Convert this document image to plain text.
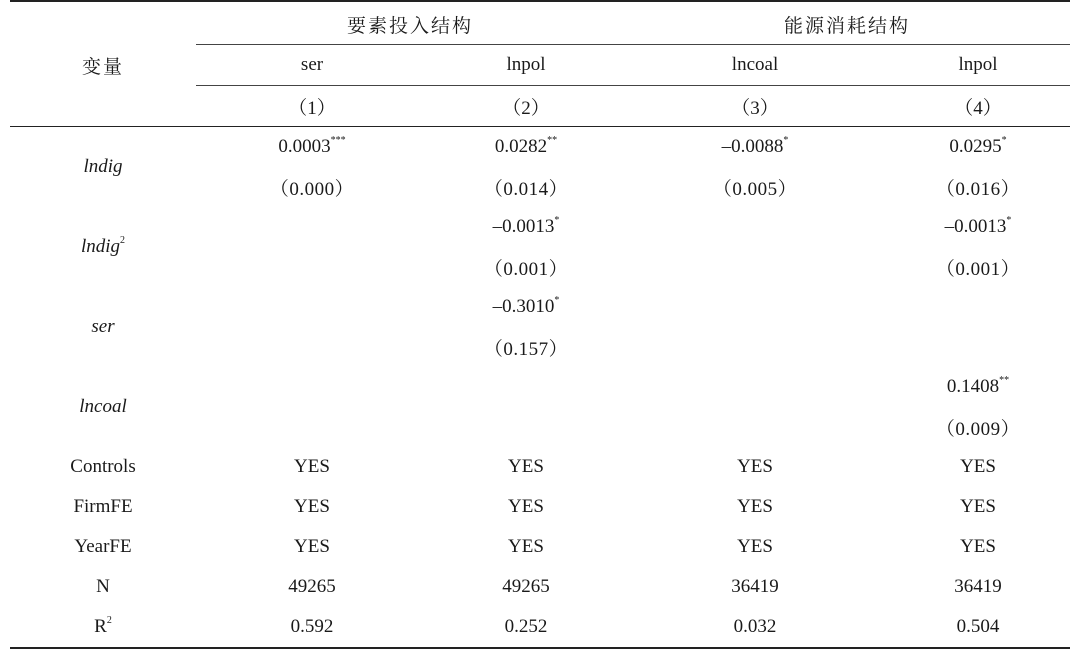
变量	要素投入结构		能源消耗结构	
	ser	lnpol	lncoal	lnpol
	（1）	（2）	（3）	（4）
lndig	0.0003***	0.0282**	–0.0088*	0.0295*
	（0.000）	（0.014）	（0.005）	（0.016）
lndig$^2$		–0.0013*		–0.0013*
		（0.001）		（0.001）
ser		–0.3010*		
		（0.157）		
lncoal				0.1408**
				（0.009）
Controls	YES	YES	YES	YES
FirmFE	YES	YES	YES	YES
YearFE	YES	YES	YES	YES
N	49265	49265	36419	36419
$R^2$	0.592	0.252	0.032	0.504
